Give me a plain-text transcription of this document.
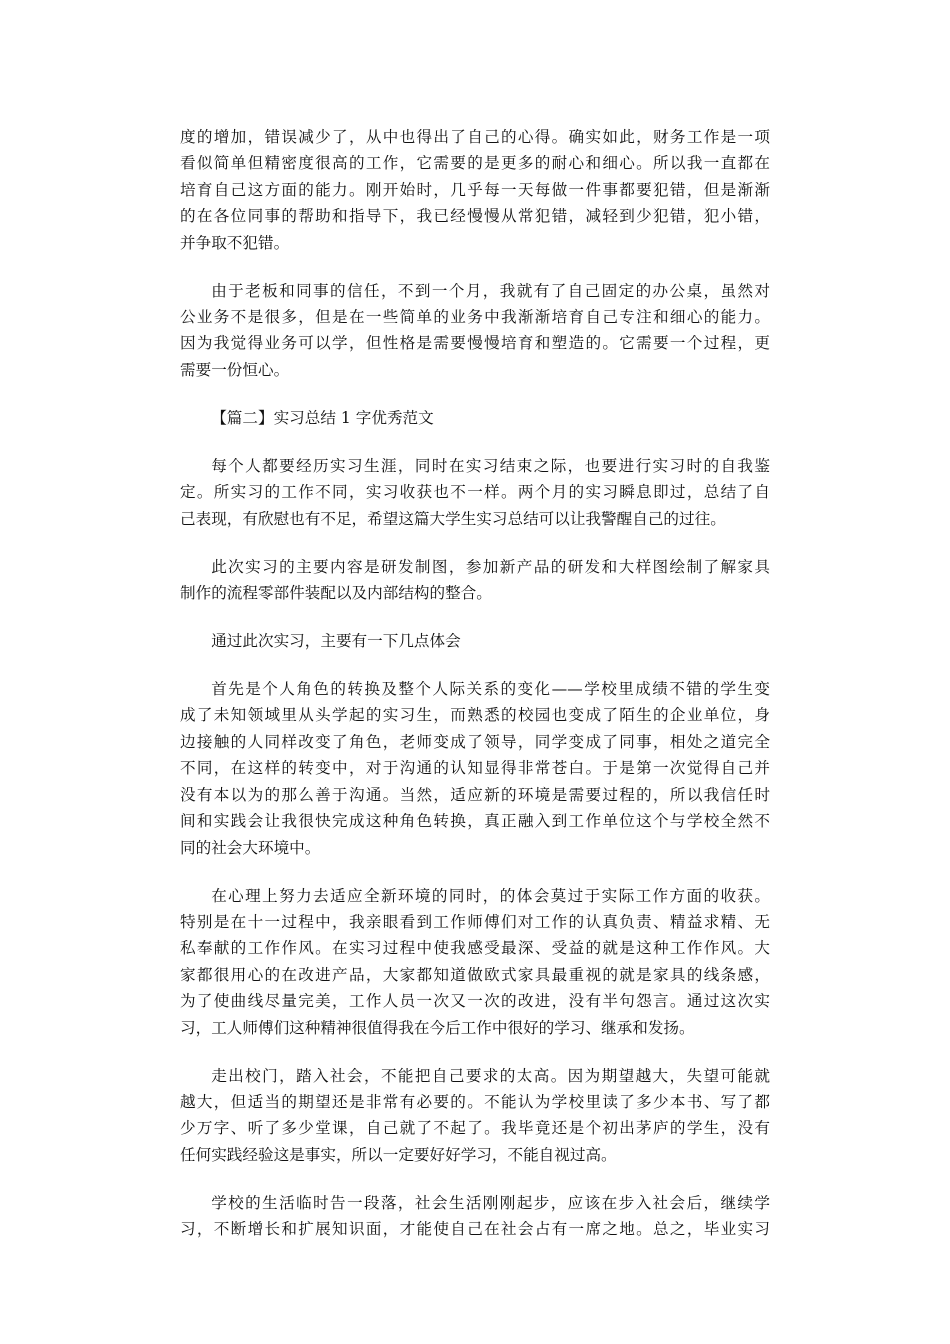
度的增加，错误减少了，从中也得出了自己的心得。确实如此，财务工作是一项
看似简单但精密度很高的工作，它需要的是更多的耐心和细心。所以我一直都在
培育自己这方面的能力。刚开始时，几乎每一天每做一件事都要犯错，但是渐渐
的在各位同事的帮助和指导下，我已经慢慢从常犯错，减轻到少犯错，犯小错，
并争取不犯错。
由于老板和同事的信任，不到一个月，我就有了自己固定的办公桌，虽然对
公业务不是很多，但是在一些简单的业务中我渐渐培育自己专注和细心的能力。
因为我觉得业务可以学，但性格是需要慢慢培育和塑造的。它需要一个过程，更
需要一份恒心。
【篇二】实习总结 1 字优秀范文
每个人都要经历实习生涯，同时在实习结束之际，也要进行实习时的自我鉴
定。所实习的工作不同，实习收获也不一样。两个月的实习瞬息即过，总结了自
己表现，有欣慰也有不足，希望这篇大学生实习总结可以让我警醒自己的过往。
此次实习的主要内容是研发制图，参加新产品的研发和大样图绘制了解家具
制作的流程零部件装配以及内部结构的整合。
通过此次实习，主要有一下几点体会
首先是个人角色的转换及整个人际关系的变化——学校里成绩不错的学生变
成了未知领域里从头学起的实习生，而熟悉的校园也变成了陌生的企业单位，身
边接触的人同样改变了角色，老师变成了领导，同学变成了同事，相处之道完全
不同，在这样的转变中，对于沟通的认知显得非常苍白。于是第一次觉得自己并
没有本以为的那么善于沟通。当然，适应新的环境是需要过程的，所以我信任时
间和实践会让我很快完成这种角色转换，真正融入到工作单位这个与学校全然不
同的社会大环境中。
在心理上努力去适应全新环境的同时，的体会莫过于实际工作方面的收获。
特别是在十一过程中，我亲眼看到工作师傅们对工作的认真负责、精益求精、无
私奉献的工作作风。在实习过程中使我感受最深、受益的就是这种工作作风。大
家都很用心的在改进产品，大家都知道做欧式家具最重视的就是家具的线条感，
为了使曲线尽量完美，工作人员一次又一次的改进，没有半句怨言。通过这次实
习，工人师傅们这种精神很值得我在今后工作中很好的学习、继承和发扬。
走出校门，踏入社会，不能把自己要求的太高。因为期望越大，失望可能就
越大，但适当的期望还是非常有必要的。不能认为学校里读了多少本书、写了都
少万字、听了多少堂课，自己就了不起了。我毕竟还是个初出茅庐的学生，没有
任何实践经验这是事实，所以一定要好好学习，不能自视过高。
学校的生活临时告一段落，社会生活刚刚起步，应该在步入社会后，继续学
习，不断增长和扩展知识面，才能使自己在社会占有一席之地。总之，毕业实习
